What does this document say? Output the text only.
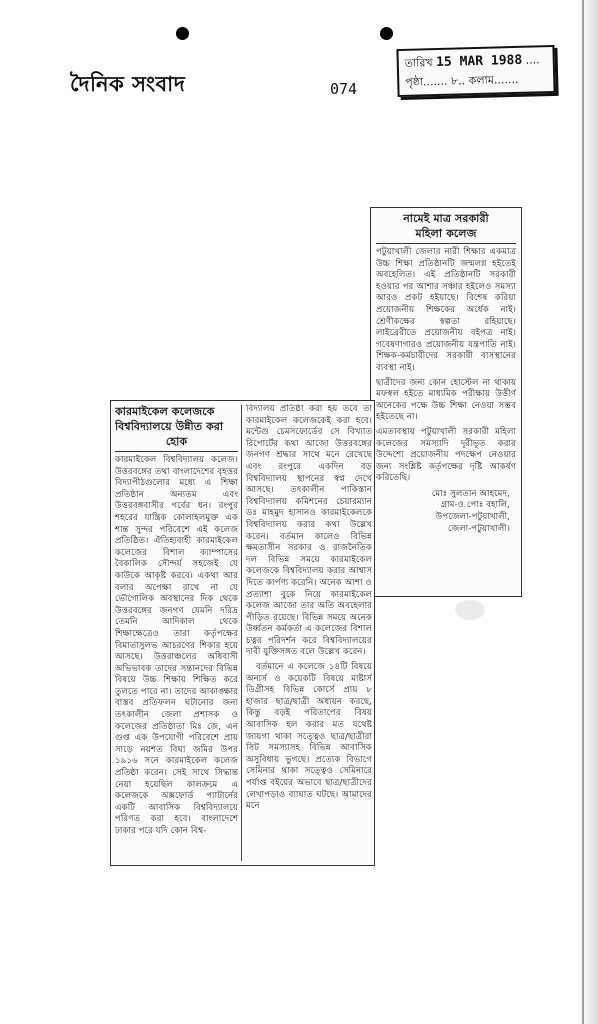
দৈনিক সংবাদ	074
তারিখ 15 MAR 1988 ....
পৃষ্ঠা....... ৮.. কলাম.......
নামেই মাত্র সরকারী
মহিলা কলেজ
পটুয়াখালী জেলার নারী শিক্ষার একমাত্র উচ্চ শিক্ষা প্রতিষ্ঠানটি জন্মলগ্ন হইতেই অবহেলিত। এই প্রতিষ্ঠানটি সরকারী হওয়ার পর আশার সঞ্চার হইলেও সমস্যা আরও প্রকট হইয়াছে। বিশেষ করিয়া প্রয়োজনীয় শিক্ষকের অর্ধেক নাই। শ্রেণীকক্ষের স্বল্পতা রহিয়াছে। লাইব্রেরীতে প্রয়োজনীয় বইপত্র নাই। গবেষণাগারও প্রয়োজনীয় যন্ত্রপাতি নাই। শিক্ষক-কর্মচারীদের সরকারী বাসস্থানের ব্যবস্থা নাই।
ছাত্রীদের জন্য কোন হোস্টেল না থাকায় মফস্বল হইতে মাধ্যমিক পরীক্ষায় উত্তীর্ণ অনেকের পক্ষে উচ্চ শিক্ষা নেওয়া সম্ভব হইতেছে না।
এমতাবস্থায় পটুয়াখালী সরকারী মহিলা কলেজের সমস্যাদি দূরীভূত করার উদ্দেশ্যে প্রয়োজনীয় পদক্ষেপ নেওয়ার জন্য সংশ্লিষ্ট কর্তৃপক্ষের দৃষ্টি আকর্ষণ করিতেছি।
মোঃ সুলতান আহমেদ,
গ্রাম-ও পোঃ বহালি,
উপজেলা-পটুয়াখালী,
জেলা-পটুয়াখালী।
কারমাইকেল কলেজকে
বিশ্ববিদ্যালয়ে উন্নীত করা
হোক
কারমাইকেল বিশ্ববিদ্যালয় কলেজ। উত্তরবঙ্গের তথা বাংলাদেশের বৃহত্তর বিদ্যাপীঠগুলোর মধ্যে এ শিক্ষা প্রতিষ্ঠান অন্যতম এবং উত্তরবঙ্গবাসীর গর্বের ধন। রংপুর শহরের যান্ত্রিক কোলাহলমুক্ত এক শান্ত সুন্দর পরিবেশে এই কলেজ প্রতিষ্ঠিত। ঐতিহ্যবাহী কারমাইকেল কলেজের বিশাল ক্যাম্পাসের বৈকালিক সৌন্দর্য সহজেই যে কাউকে আকৃষ্ট করবে। একথা আর বলার অপেক্ষা রাখে না যে ভৌগোলিক অবস্থানের দিক থেকে উত্তরবঙ্গের জনগণ যেমনি দরিদ্র তেমনি আদিকাল থেকে শিক্ষাক্ষেত্রেও তারা কর্তৃপক্ষের বিমাতাসুলভ আচরণের শিকার হয়ে আসছে। উত্তরাঞ্চলের অধিবাসী অভিভাবক তাদের সন্তানদের বিভিন্ন বিষয়ে উচ্চ শিক্ষায় শিক্ষিত করে তুলতে পারে না। তাদের আকাঙ্ক্ষার বাস্তব প্রতিফলন ঘটানোর জন্য তৎকালীন জেলা প্রশাসক ও কলেজের প্রতিষ্ঠাতা মিঃ জে, এন গুপ্ত এক উপযোগী পরিবেশে প্রায় সাড়ে নয়শত বিঘা জমির উপর ১৯১৬ সনে কারমাইকেল কলেজ প্রতিষ্ঠা করেন। সেই সাথে সিদ্ধান্ত নেয়া হয়েছিল কালক্রমে এ কলেজকে অক্সফোর্ড প্যাটার্নের একটি আবাসিক বিশ্ববিদ্যালয়ে পরিণত করা হবে। বাংলাদেশে ঢাকার পরে যদি কোন বিশ্ব-
বিদ্যালয় প্রতিষ্ঠা করা হয় তবে তা কারমাইকেল কলেজকেই করা হবে। মন্টেগু চেমসফোর্ডের সে বিখ্যাত রিপোর্টের কথা আজো উত্তরবঙ্গের জনগণ শ্রদ্ধার সাথে মনে রেখেছে এবং রংপুরে একদিন বড় বিশ্ববিদ্যালয় স্থাপনের স্বপ্ন দেখে আসছে। তৎকালীন পাকিস্তান বিশ্ববিদ্যালয় কমিশনের চেয়ারম্যান ডঃ মাহমুদ হাসানও কারমাইকেলকে বিশ্ববিদ্যালয় করার কথা উল্লেখ করেন। বর্তমান কালেও বিভিন্ন ক্ষমতাসীন সরকার ও রাজনৈতিক দল বিভিন্ন সময়ে কারমাইকেল কলেজকে বিশ্ববিদ্যালয় করার আশ্বাস দিতে কার্পণ্য করেনি। অনেক আশা ও প্রত্যাশা বুকে নিয়ে কারমাইকেল কলেজ আজো তার অতি অবহেলার পীড়িত রয়েছে। বিভিন্ন সময়ে অনেক উর্ধ্বতন কর্মকর্তা এ কলেজের বিশাল চত্বর পরিদর্শন করে বিশ্ববিদ্যালয়ের দাবী যুক্তিসঙ্গত বলে উল্লেখ করেন।
বর্তমানে এ কলেজে ১৪টি বিষয়ে অনার্স ও কয়েকটি বিষয়ে মাষ্টার্স ডিগ্রীসহ বিভিন্ন কোর্সে প্রায় ৮ হাজার ছাত্র/ছাত্রী অধ্যয়ন করছে, কিন্তু বড়ই পরিতাপের বিষয় আবাসিক হল করার মত যথেষ্ট জায়গা থাকা সত্ত্বেও ছাত্র/ছাত্রীরা সিট সমস্যাসহ বিভিন্ন আবাসিক অসুবিধায় ভুগছে। প্রত্যেক বিভাগে সেমিনার থাকা সত্ত্বেও সেমিনারে পর্যাপ্ত বইয়ের অভাবে ছাত্র/ছাত্রীদের লেখাপড়াও ব্যাঘাত ঘটছে। আমাদের মনে
